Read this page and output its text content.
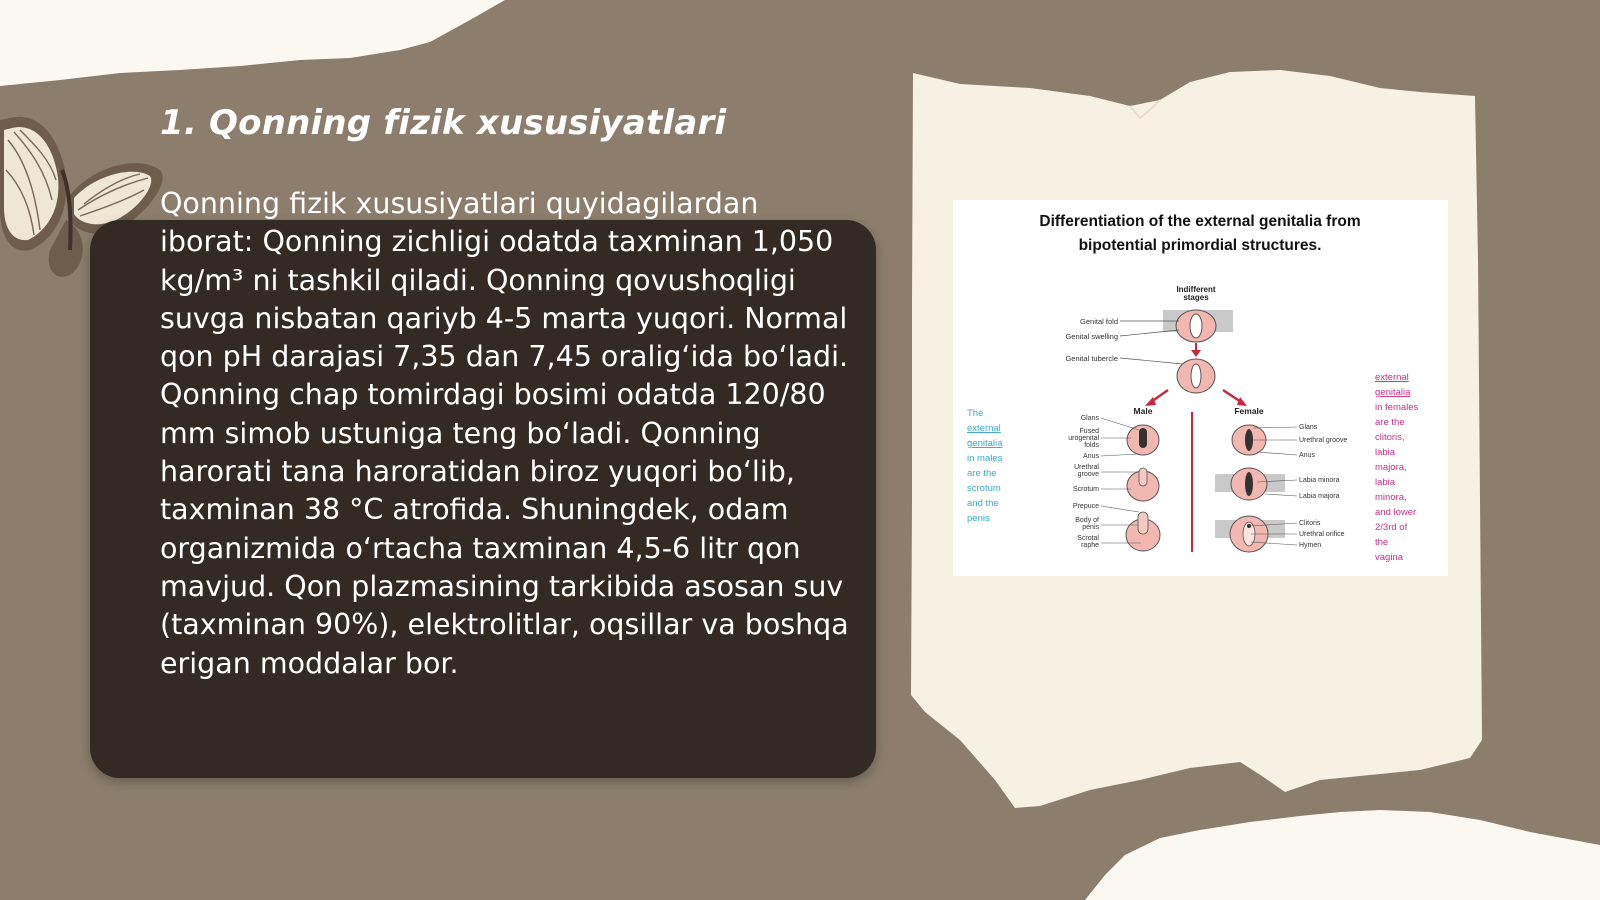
1. Qonning fizik xususiyatlari

Qonning fizik xususiyatlari quyidagilardan iborat: Qonning zichligi odatda taxminan 1,050 kg/m³ ni tashkil qiladi. Qonning qovushoqligi suvga nisbatan qariyb 4-5 marta yuqori. Normal qon pH darajasi 7,35 dan 7,45 oralig‘ida bo‘ladi. Qonning chap tomirdagi bosimi odatda 120/80 mm simob ustuniga teng bo‘ladi. Qonning harorati tana haroratidan biroz yuqori bo‘lib, taxminan 38 °C atrofida. Shuningdek, odam organizmida o‘rtacha taxminan 4,5-6 litr qon mavjud. Qon plazmasining tarkibida asosan suv (taxminan 90%), elektrolitlar, oqsillar va boshqa erigan moddalar bor.

Differentiation of the external genitalia from
bipotential primordial structures.
Indifferent
stages
Genital fold
Genital swelling
Genital tubercle
Male	Female
Glans
Fused
urogenital
folds
Anus
Urethral
groove
Scrotum
Prepuce
Body of
penis
Scrotal
raphe
Glans
Urethral groove
Anus
Labia minora
Labia majora
Clitoris
Urethral orifice
Hymen
The
external
genitalia
in males
are the
scrotum
and the
penis
external
genitalia
in females
are the
clitoris,
labia
majora,
labia
minora,
and lower
2/3rd of
the
vagina
